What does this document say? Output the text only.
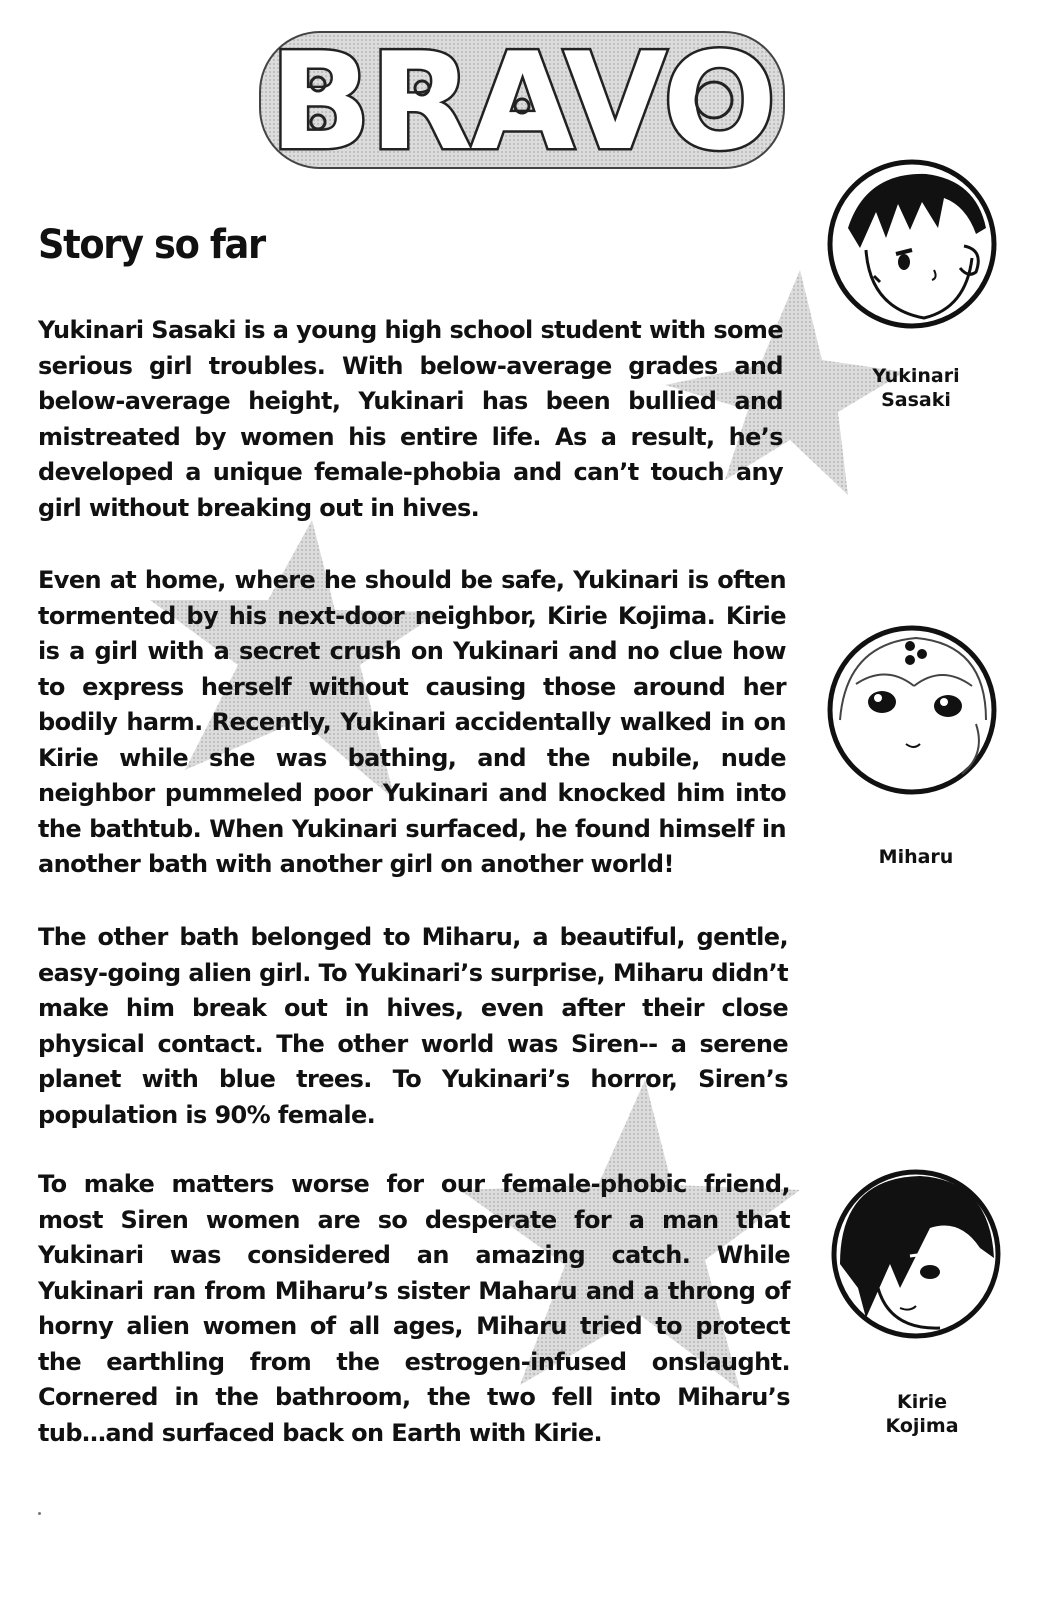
BRAVO
Story so far

Yukinari Sasaki is a young high school student with some serious girl troubles. With below-average grades and below-average height, Yukinari has been bullied and mistreated by women his entire life. As a result, he’s developed a unique female-phobia and can’t touch any girl without breaking out in hives.

Even at home, where he should be safe, Yukinari is often tormented by his next-door neighbor, Kirie Kojima. Kirie is a girl with a secret crush on Yukinari and no clue how to express herself without causing those around her bodily harm. Recently, Yukinari accidentally walked in on Kirie while she was bathing, and the nubile, nude neighbor pummeled poor Yukinari and knocked him into the bathtub. When Yukinari surfaced, he found himself in another bath with another girl on another world!

The other bath belonged to Miharu, a beautiful, gentle, easy-going alien girl. To Yukinari’s surprise, Miharu didn’t make him break out in hives, even after their close physical contact. The other world was Siren-- a serene planet with blue trees. To Yukinari’s horror, Siren’s population is 90% female.

To make matters worse for our female-phobic friend, most Siren women are so desperate for a man that Yukinari was considered an amazing catch. While Yukinari ran from Miharu’s sister Maharu and a throng of horny alien women of all ages, Miharu tried to protect the earthling from the estrogen-infused onslaught. Cornered in the bathroom, the two fell into Miharu’s tub…and surfaced back on Earth with Kirie.

Yukinari
Sasaki

Miharu

Kirie
Kojima
